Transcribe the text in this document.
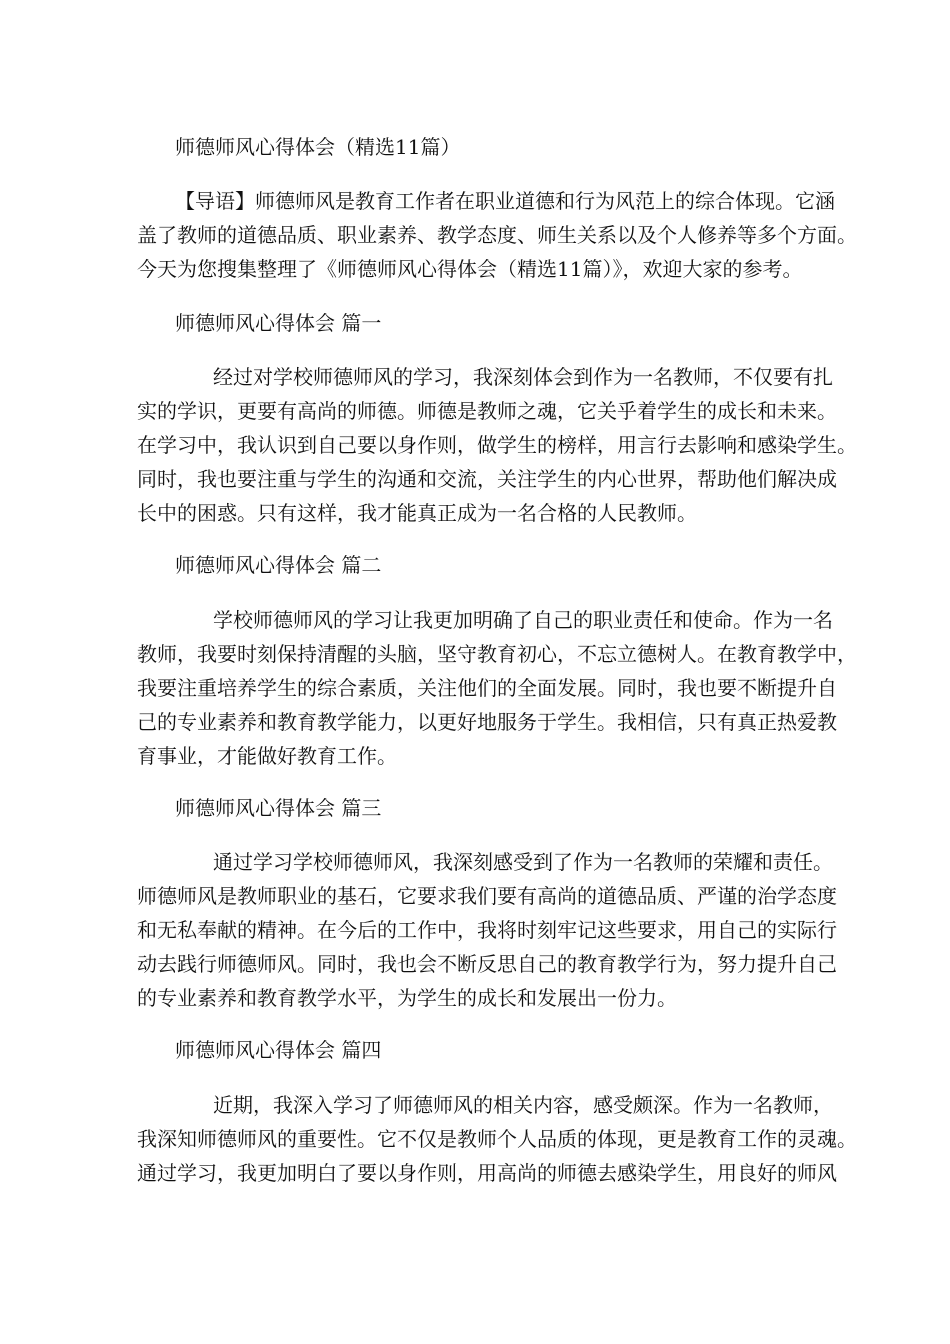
师德师风心得体会（精选11篇）

【导语】师德师风是教育工作者在职业道德和行为风范上的综合体现。它涵
盖了教师的道德品质、职业素养、教学态度、师生关系以及个人修养等多个方面。
今天为您搜集整理了《师德师风心得体会（精选11篇）》，欢迎大家的参考。

师德师风心得体会 篇一

经过对学校师德师风的学习，我深刻体会到作为一名教师，不仅要有扎
实的学识，更要有高尚的师德。师德是教师之魂，它关乎着学生的成长和未来。
在学习中，我认识到自己要以身作则，做学生的榜样，用言行去影响和感染学生。
同时，我也要注重与学生的沟通和交流，关注学生的内心世界，帮助他们解决成
长中的困惑。只有这样，我才能真正成为一名合格的人民教师。

师德师风心得体会 篇二

学校师德师风的学习让我更加明确了自己的职业责任和使命。作为一名
教师，我要时刻保持清醒的头脑，坚守教育初心，不忘立德树人。在教育教学中，
我要注重培养学生的综合素质，关注他们的全面发展。同时，我也要不断提升自
己的专业素养和教育教学能力，以更好地服务于学生。我相信，只有真正热爱教
育事业，才能做好教育工作。

师德师风心得体会 篇三

通过学习学校师德师风，我深刻感受到了作为一名教师的荣耀和责任。
师德师风是教师职业的基石，它要求我们要有高尚的道德品质、严谨的治学态度
和无私奉献的精神。在今后的工作中，我将时刻牢记这些要求，用自己的实际行
动去践行师德师风。同时，我也会不断反思自己的教育教学行为，努力提升自己
的专业素养和教育教学水平，为学生的成长和发展出一份力。

师德师风心得体会 篇四

近期，我深入学习了师德师风的相关内容，感受颇深。作为一名教师，
我深知师德师风的重要性。它不仅是教师个人品质的体现，更是教育工作的灵魂。
通过学习，我更加明白了要以身作则，用高尚的师德去感染学生，用良好的师风
